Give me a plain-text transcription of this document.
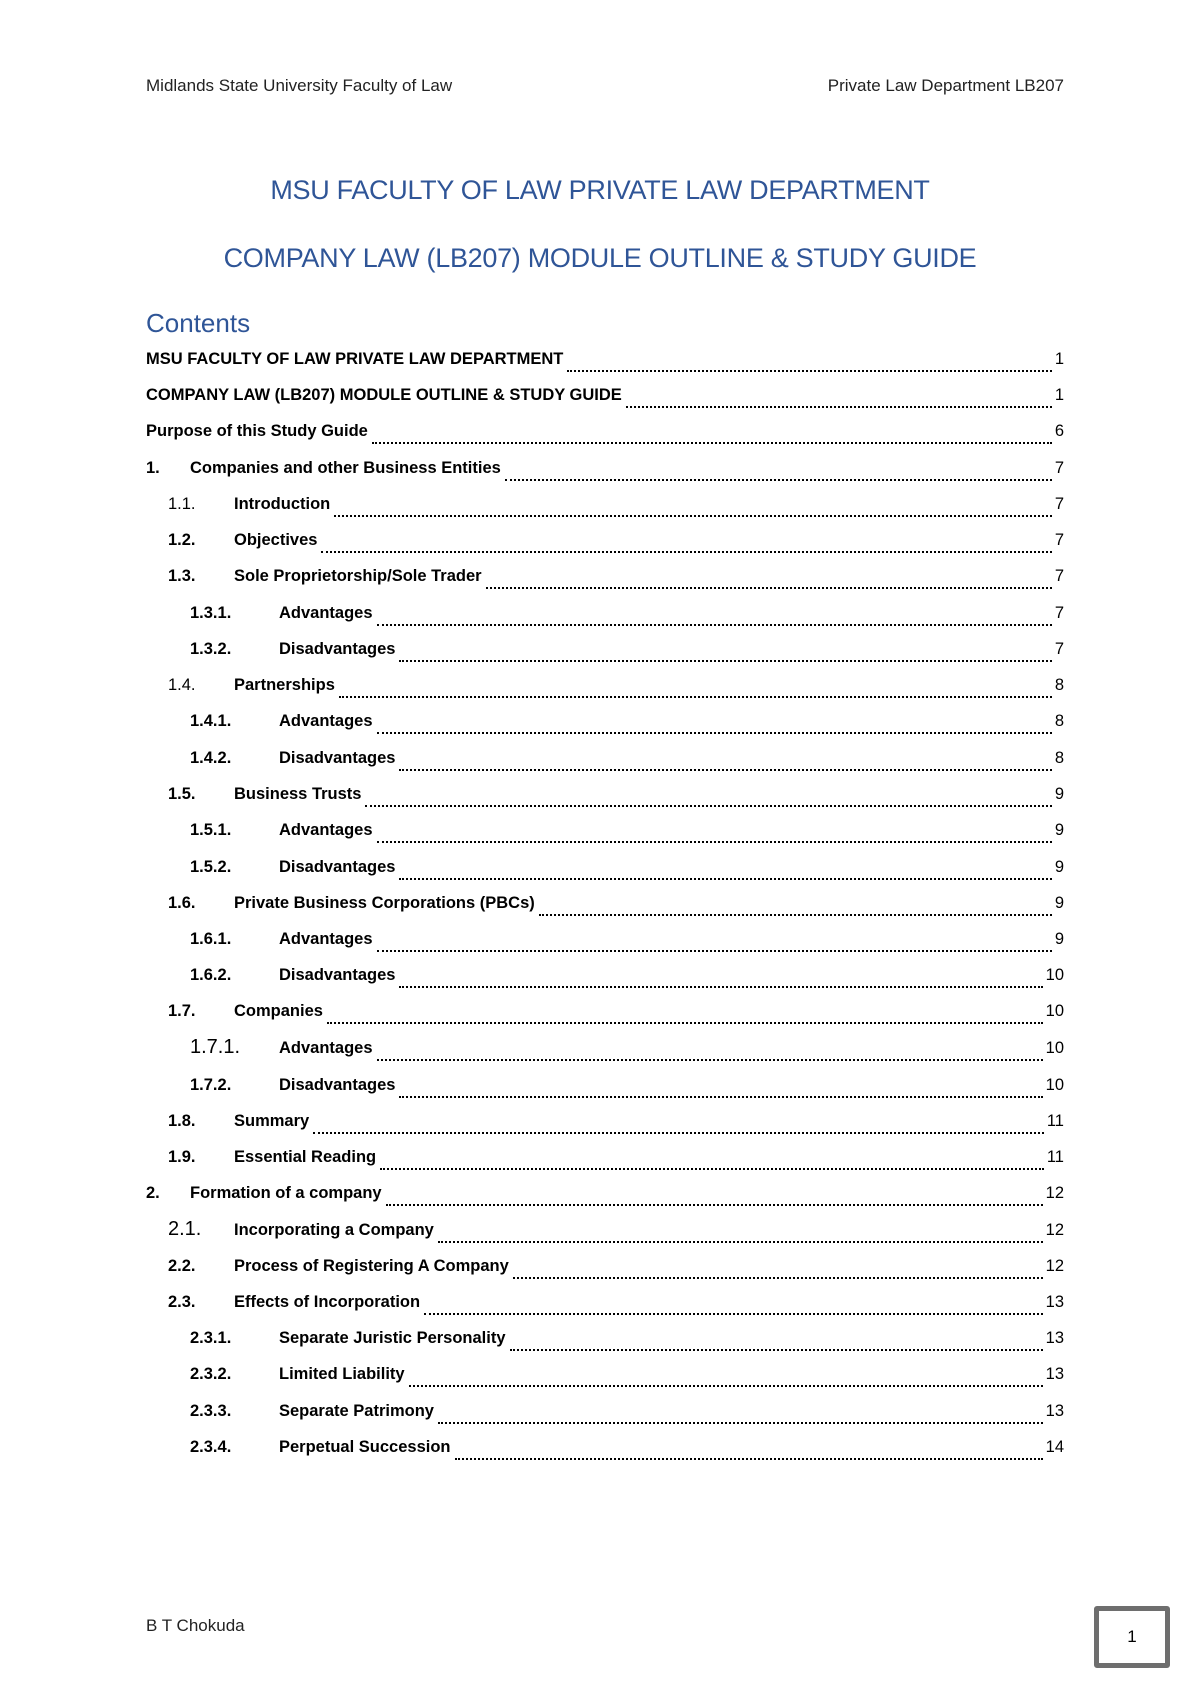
Midlands State University Faculty of Law	Private Law Department LB207
MSU FACULTY OF LAW PRIVATE LAW DEPARTMENT
COMPANY LAW (LB207) MODULE OUTLINE & STUDY GUIDE
Contents
MSU FACULTY OF LAW PRIVATE LAW DEPARTMENT	1
COMPANY LAW (LB207) MODULE OUTLINE & STUDY GUIDE	1
Purpose of this Study Guide	6
1. Companies and other Business Entities	7
1.1. Introduction	7
1.2. Objectives	7
1.3. Sole Proprietorship/Sole Trader	7
1.3.1.	Advantages	7
1.3.2.	Disadvantages	7
1.4. Partnerships	8
1.4.1.	Advantages	8
1.4.2.	Disadvantages	8
1.5. Business Trusts	9
1.5.1.	Advantages	9
1.5.2.	Disadvantages	9
1.6. Private Business Corporations (PBCs)	9
1.6.1.	Advantages	9
1.6.2.	Disadvantages	10
1.7. Companies	10
1.7.1. Advantages	10
1.7.2.	Disadvantages	10
1.8. Summary	11
1.9. Essential Reading	11
2. Formation of a company	12
2.1. Incorporating a Company	12
2.2. Process of Registering A Company	12
2.3. Effects of Incorporation	13
2.3.1.	Separate Juristic Personality	13
2.3.2.	Limited Liability	13
2.3.3.	Separate Patrimony	13
2.3.4.	Perpetual Succession	14
B T Chokuda
1
